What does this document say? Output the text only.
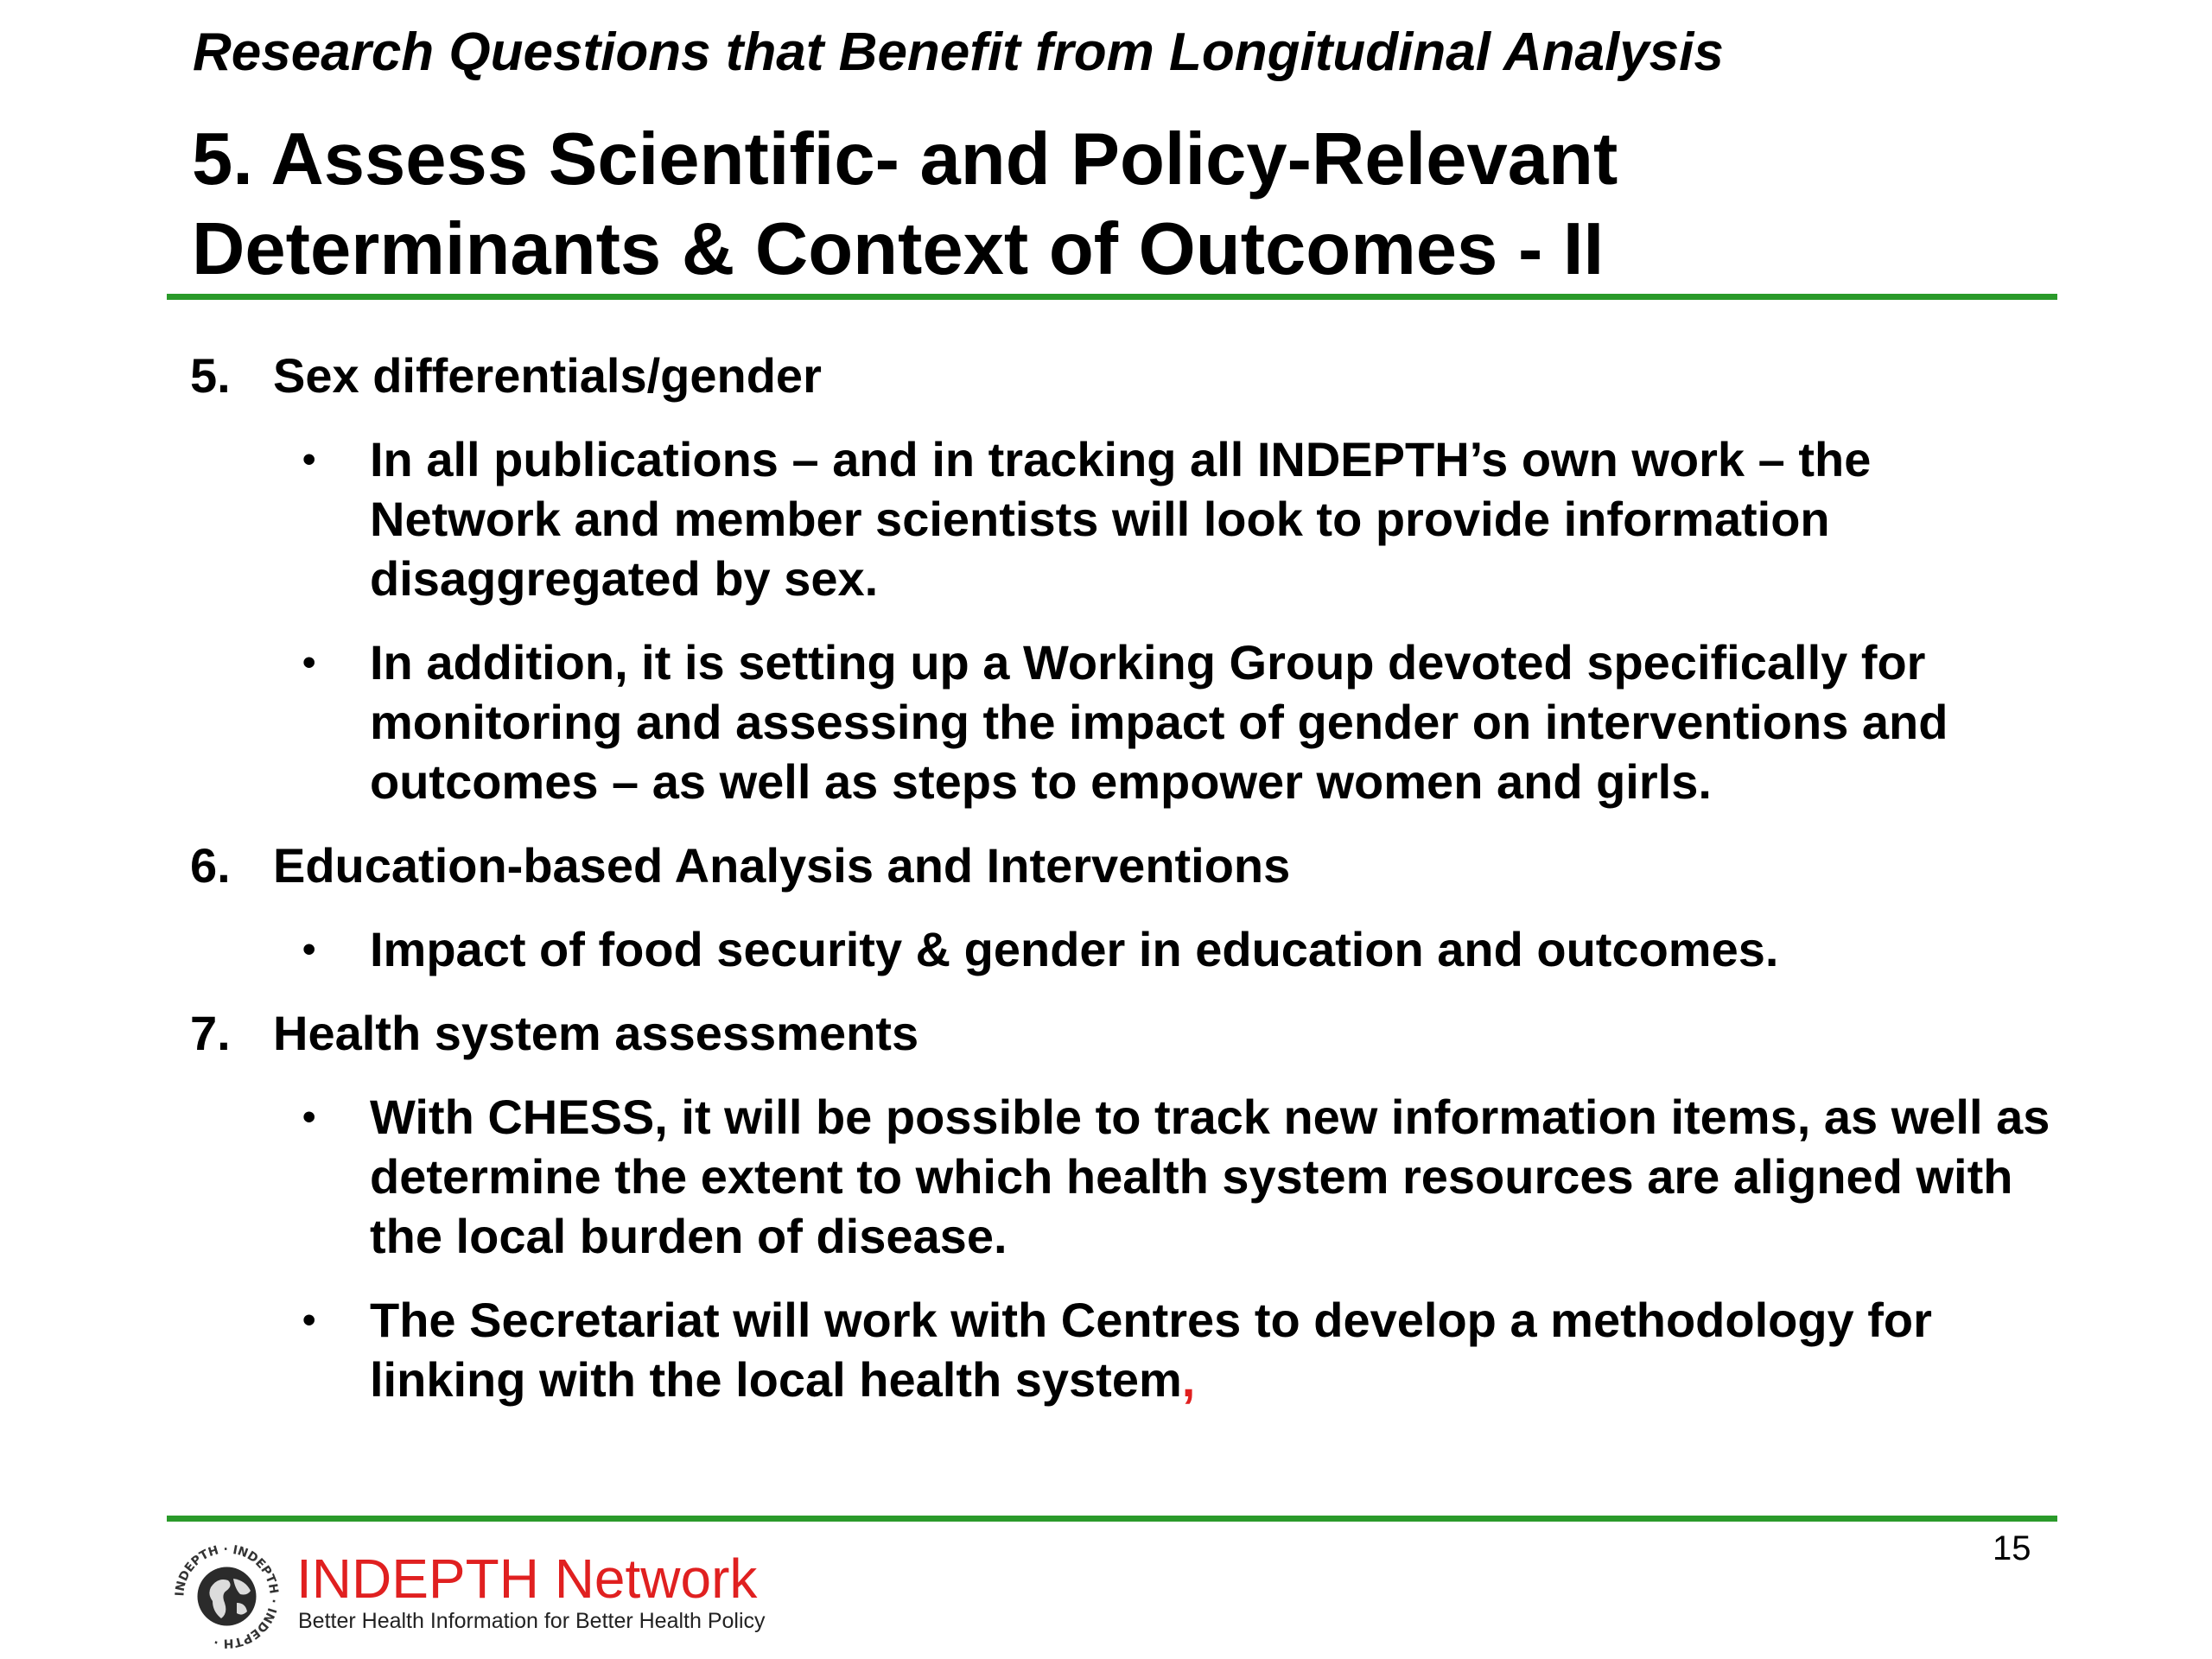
Research Questions that Benefit from Longitudinal Analysis
5. Assess Scientific- and Policy-Relevant
Determinants & Context of Outcomes - II
5. Sex differentials/gender
•	In all publications – and in tracking all INDEPTH’s own work – the Network and member scientists will look to provide information disaggregated by sex.
•	In addition, it is setting up a Working Group devoted specifically for monitoring and assessing the impact of gender on interventions and outcomes – as well as steps to empower women and girls.
6. Education-based Analysis and Interventions
•	Impact of food security & gender in education and outcomes.
7. Health system assessments
•	With CHESS, it will be possible to track new information items, as well as determine the extent to which health system resources are aligned with the local burden of disease.
•	The Secretariat will work with Centres to develop a methodology for linking with the local health system,
15
INDEPTH · INDEPTH · INDEPTH ·
INDEPTH Network
Better Health Information for Better Health Policy
